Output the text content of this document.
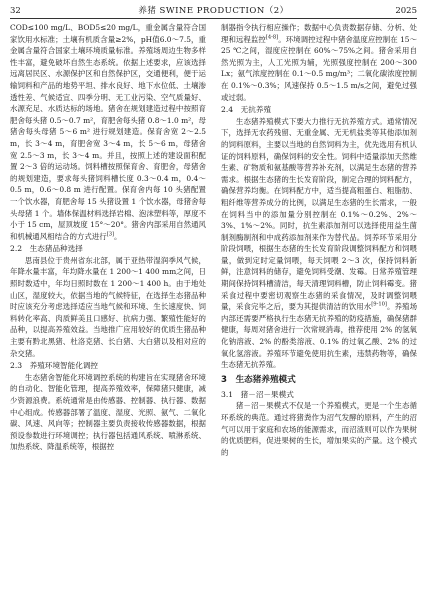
32	养猪 SWINE PRODUCTION（2）	2025

COD≤100 mg/L、BOD5≤20 mg/L，重金属含量符合国家饮用水标准；土壤有机质含量≥2%，pH值6.0～7.5，重金属含量符合国家土壤环境质量标准。养殖场周边生物多样性丰富，避免破坏自然生态系统。依据上述要求，应该选择远离居民区、水源保护区和自然保护区，交通便利，便于运输饲料和产品的地势平坦、排水良好、地下水位低、土壤渗透性差、气候适宜、四季分明、无工业污染、空气质量好、水源充足、水质达标的场地。猪舍在规划建造过程中按照育肥舍每头猪 0.5～0.7 m²，育肥舍每头猪 0.8～1.0 m²，母猪舍每头母猪 5～6 m² 进行规划建造。保育舍宽 2～2.5 m，长 3～4 m，育肥舍宽 3～4 m，长 5～6 m，母猪舍宽 2.5～3 m，长 3～4 m。并且，按照上述的建设面积配置 2～3 倍的运动场。饲料槽按照保育舍、育肥舍，母猪舍的规划建造，要求每头猪饲料槽长度 0.3～0.4 m，0.4～0.5 m，0.6～0.8 m 进行配置。保育舍内每 10 头猪配置一个饮水器，育肥舍每 15 头猪设置 1 个饮水器，母猪舍每头母猪 1 个。墙体保温材料选择岩棉、泡沫塑料等，厚度不小于 15 cm，屋顶坡度 15°～20°。猪舍内部采用自然通风和机械通风相结合的方式进行[3]。

2.2　生态猪品种选择

思南县位于贵州省东北部，属于亚热带湿润季风气候，年降水量丰富，年均降水量在 1 200～1 400 mm之间，日照时数适中，年均日照时数在 1 200～1 400 h。由于地处山区，湿度较大，依据当地的气候特征，在选择生态猪品种时应该充分考虑选择适应当地气候和环境、生长速度快、饲料转化率高、肉质鲜美且口感好、抗病力强、繁殖性能好的品种，以提高养殖效益。当地推广应用较好的优质生猪品种主要有黔北黑猪、杜洛克猪、长白猪、大白猪以及相对应的杂交猪。

2.3　养殖环境智能化调控

生态猪舍智能化环境调控系统的构建旨在实现猪舍环境的自动化、智能化管理，提高养殖效率，保障猪只健康，减少资源浪费。系统通常是由传感器、控制器、执行器、数据中心组成。传感器部署了温度、湿度、光照、氨气、二氧化碳、风速、风向等；控制器主要负责接收传感器数据，根据预设参数进行环境调控；执行器包括通风系统、喷淋系统、加热系统、降温系统等，根据控

制器指令执行相应操作；数据中心负责数据存储、分析、处理和远程监控[4-8]。环境调控过程中猪舍温度应控制在 15～25 ℃之间，湿度应控制在 60%～75%之间。猪舍采用自然光照为主，人工光照为辅，光照强度控制在 200～300 Lx；氨气浓度控制在 0.1～0.5 mg/m³；二氧化碳浓度控制在 0.1%～0.3%；风速保持 0.5～1.5 m/s之间，避免过强或过弱。

2.4　无抗养殖

生态猪养殖模式下要大力推行无抗养殖方式。通常情况下，选择无农药残留、无重金属、无无机盐类等其他添加剂的饲料原料，主要以当地的自然饲料为主，优先选用有机认证的饲料原料，确保饲料的安全性。饲料中适量添加天然维生素、矿物质和氨基酸等营养补充剂，以满足生态猪的营养需求。根据生态猪的生长发育阶段，制定合理的饲料配方，确保营养均衡。在饲料配方中，适当提高粗蛋白、粗脂肪、粗纤维等营养成分的比例，以满足生态猪的生长需求，一般在饲料当中的添加量分别控制在 0.1%～0.2%、2%～3%、1%～2%。同时，抗生素添加剂可以选择使用益生菌制剂酶制剂和中成药添加剂来作为替代品。饲养环节采用分阶段饲喂，根据生态猪的生长发育阶段调整饲料配方和饲喂量，做到定时定量饲喂，每天饲喂 2～3 次，保持饲料新鲜，注意饲料的储存，避免饲料受潮、发霉。日常养殖管理期间保持饲料槽清洁，每天清理饲料槽，防止饲料霉变。猪采食过程中要密切观察生态猪的采食情况，及时调整饲喂量，采食完毕之后，要为其提供清洁的饮用水[9-10]。养殖场内部还需要严格执行生态猪无抗养殖的防疫措施，确保猪群健康，每周对猪舍进行一次常规消毒，推荐使用 2% 的氢氧化钠溶液、2% 的酚类溶液、0.1% 的过氧乙酸、2% 的过氧化氢溶液。养殖环节避免使用抗生素，违禁药物等，确保生态猪无抗养殖。

3　生态猪养殖模式
3.1　猪－沼－果模式

猪－沼－果模式不仅是一个养殖模式，更是一个生态循环系统的典范。通过将猪粪作为沼气发酵的原料，产生的沼气可以用于家庭和农场的能源需求，而沼渣则可以作为果树的优质肥料，促进果树的生长，增加果实的产量。这个模式的
